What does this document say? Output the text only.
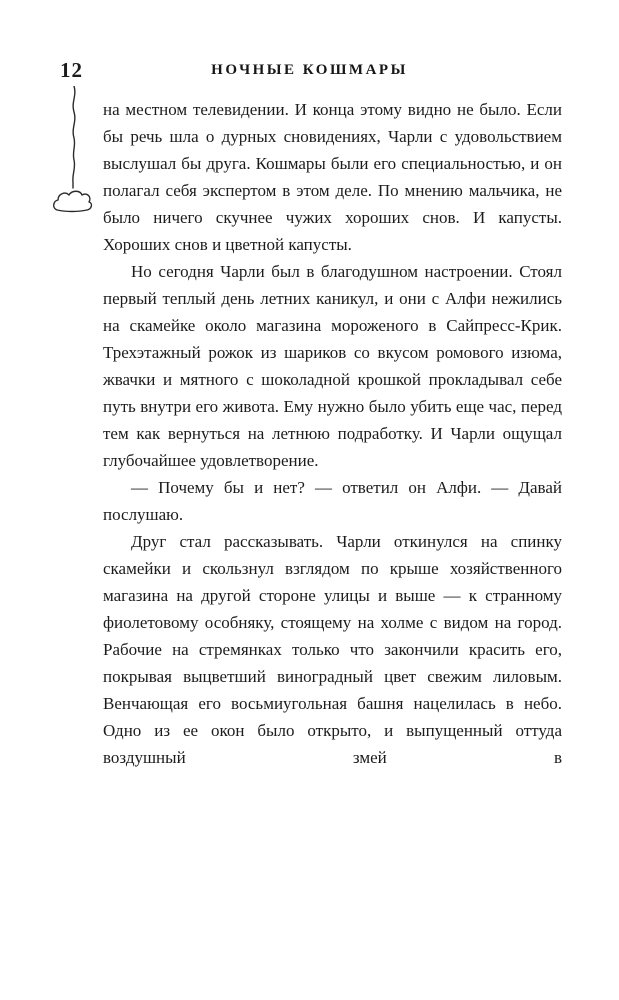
12	НОЧНЫЕ КОШМАРЫ

на местном телевидении. И конца этому видно не было. Если бы речь шла о дурных сновидениях, Чарли с удовольствием выслушал бы друга. Кошмары были его специальностью, и он полагал себя экспертом в этом деле. По мнению мальчика, не было ничего скучнее чужих хороших снов. И капусты. Хороших снов и цветной капусты.

Но сегодня Чарли был в благодушном настроении. Стоял первый теплый день летних каникул, и они с Алфи нежились на скамейке около магазина мороженого в Сайпресс-Крик. Трехэтажный рожок из шариков со вкусом ромового изюма, жвачки и мятного с шоколадной крошкой прокладывал себе путь внутри его живота. Ему нужно было убить еще час, перед тем как вернуться на летнюю подработку. И Чарли ощущал глубочайшее удовлетворение.

— Почему бы и нет? — ответил он Алфи. — Давай послушаю.

Друг стал рассказывать. Чарли откинулся на спинку скамейки и скользнул взглядом по крыше хозяйственного магазина на другой стороне улицы и выше — к странному фиолетовому особняку, стоящему на холме с видом на город. Рабочие на стремянках только что закончили красить его, покрывая выцветший виноградный цвет свежим лиловым. Венчающая его восьмиугольная башня нацелилась в небо. Одно из ее окон было открыто, и выпущенный оттуда воздушный змей в
